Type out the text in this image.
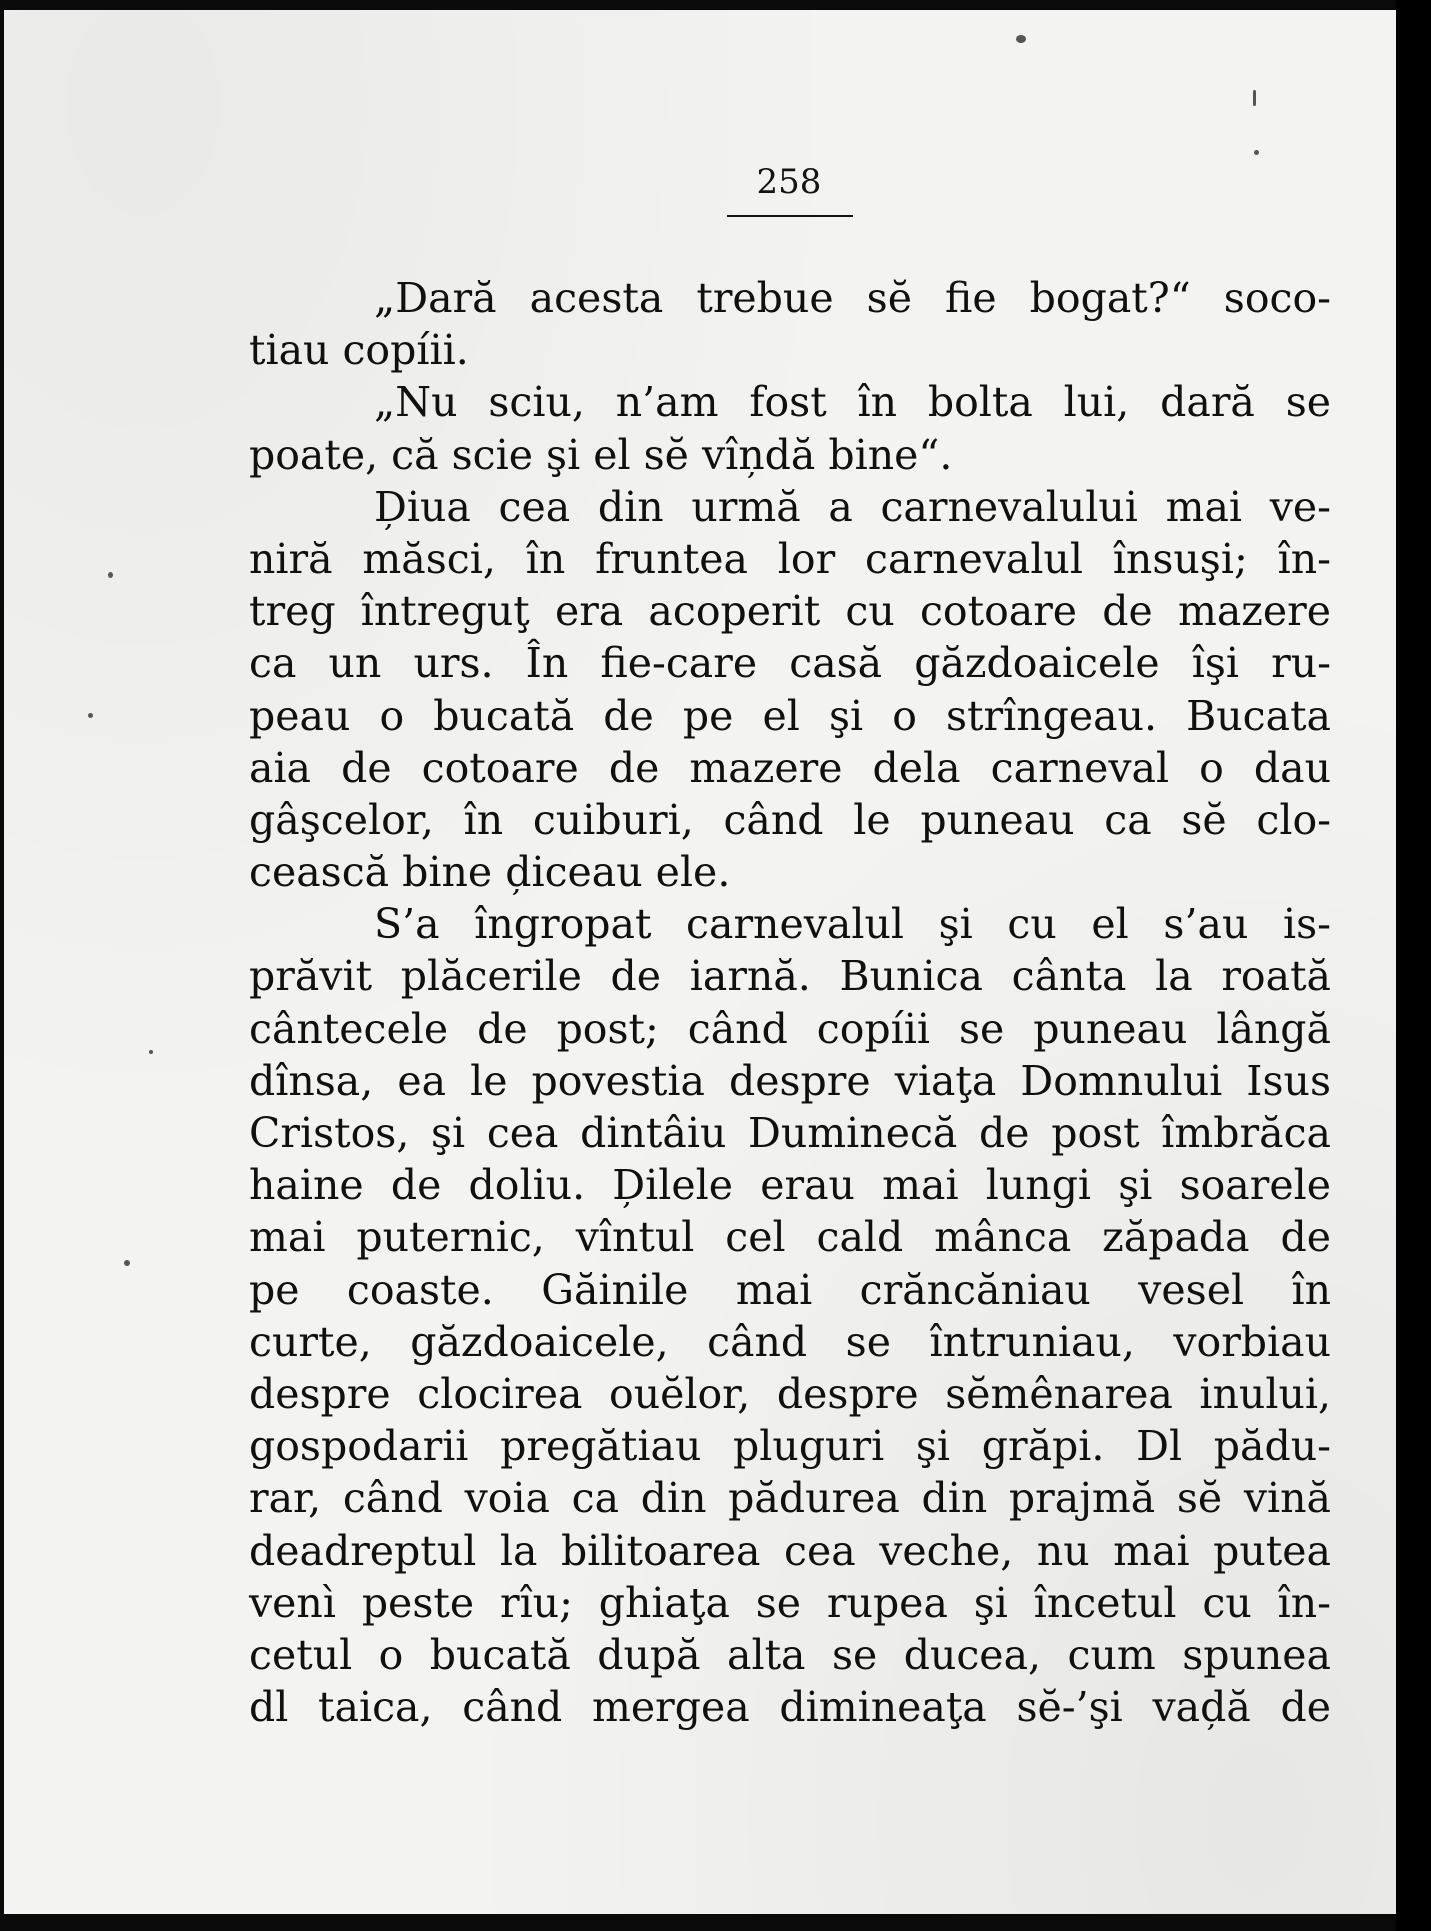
258
„Dară acesta trebue sĕ fie bogat?“ soco-
tiau copíii.
„Nu sciu, n’am fost în bolta lui, dară se
poate, că scie şi el sĕ vîn̦dă bine“.
D̦iua cea din urmă a carnevalului mai ve-
niră măsci, în fruntea lor carnevalul însuşi; în-
treg întreguţ era acoperit cu cotoare de mazere
ca un urs. În fie-care casă găzdoaicele îşi ru-
peau o bucată de pe el şi o strîngeau. Bucata
aia de cotoare de mazere dela carneval o dau
gâşcelor, în cuiburi, când le puneau ca sĕ clo-
cească bine d̦iceau ele.
S’a îngropat carnevalul şi cu el s’au is-
prăvit plăcerile de iarnă. Bunica cânta la roată
cântecele de post; când copíii se puneau lângă
dînsa, ea le povestia despre viaţa Domnului Isus
Cristos, şi cea dintâiu Duminecă de post îmbrăca
haine de doliu. D̦ilele erau mai lungi şi soarele
mai puternic, vîntul cel cald mânca zăpada de
pe coaste. Găinile mai crăncăniau vesel în
curte, găzdoaicele, când se întruniau, vorbiau
despre clocirea ouĕlor, despre sĕmênarea inului,
gospodarii pregătiau pluguri şi grăpi. Dl pădu-
rar, când voia ca din pădurea din prajmă sĕ vină
deadreptul la bilitoarea cea veche, nu mai putea
venì peste rîu; ghiaţa se rupea şi încetul cu în-
cetul o bucată după alta se ducea, cum spunea
dl taica, când mergea dimineaţa sĕ-’şi vad̦ă de
